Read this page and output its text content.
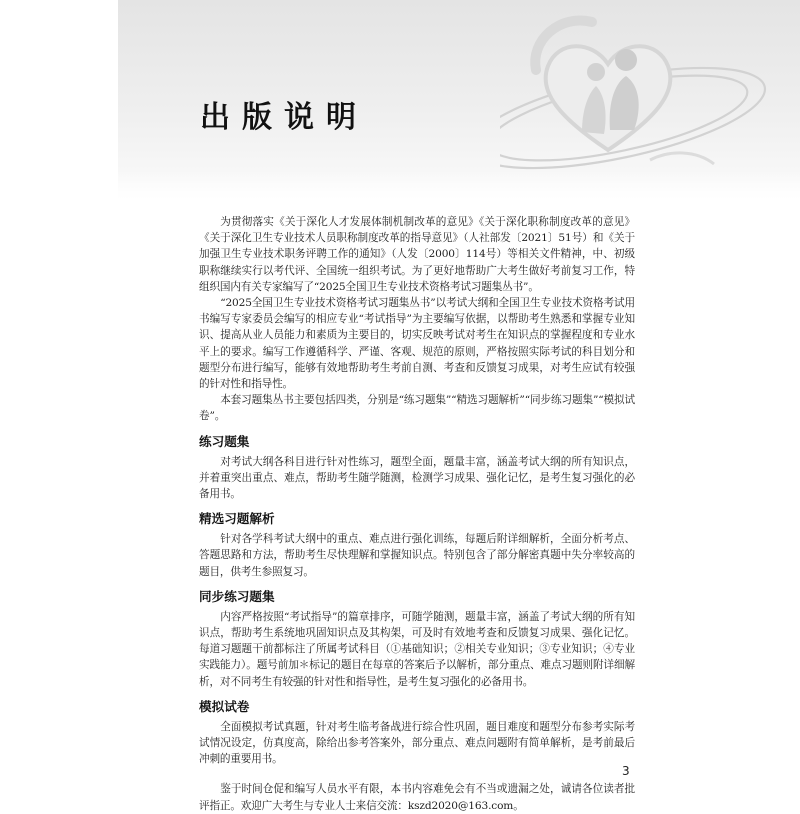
出版说明

为贯彻落实《关于深化人才发展体制机制改革的意见》《关于深化职称制度改革的意见》《关于深化卫生专业技术人员职称制度改革的指导意见》（人社部发〔2021〕51号）和《关于加强卫生专业技术职务评聘工作的通知》（人发〔2000〕114号）等相关文件精神，中、初级职称继续实行以考代评、全国统一组织考试。为了更好地帮助广大考生做好考前复习工作，特组织国内有关专家编写了“2025全国卫生专业技术资格考试习题集丛书”。

“2025全国卫生专业技术资格考试习题集丛书”以考试大纲和全国卫生专业技术资格考试用书编写专家委员会编写的相应专业“考试指导”为主要编写依据，以帮助考生熟悉和掌握专业知识、提高从业人员能力和素质为主要目的，切实反映考试对考生在知识点的掌握程度和专业水平上的要求。编写工作遵循科学、严谨、客观、规范的原则，严格按照实际考试的科目划分和题型分布进行编写，能够有效地帮助考生考前自测、考查和反馈复习成果，对考生应试有较强的针对性和指导性。

本套习题集丛书主要包括四类，分别是“练习题集”“精选习题解析”“同步练习题集”“模拟试卷”。

练习题集

对考试大纲各科目进行针对性练习，题型全面，题量丰富，涵盖考试大纲的所有知识点，并着重突出重点、难点，帮助考生随学随测，检测学习成果、强化记忆，是考生复习强化的必备用书。

精选习题解析

针对各学科考试大纲中的重点、难点进行强化训练，每题后附详细解析，全面分析考点、答题思路和方法，帮助考生尽快理解和掌握知识点。特别包含了部分解密真题中失分率较高的题目，供考生参照复习。

同步练习题集

内容严格按照“考试指导”的篇章排序，可随学随测，题量丰富，涵盖了考试大纲的所有知识点，帮助考生系统地巩固知识点及其构架，可及时有效地考查和反馈复习成果、强化记忆。每道习题题干前都标注了所属考试科目（①基础知识；②相关专业知识；③专业知识；④专业实践能力）。题号前加＊标记的题目在每章的答案后予以解析，部分重点、难点习题则附详细解析，对不同考生有较强的针对性和指导性，是考生复习强化的必备用书。

模拟试卷

全面模拟考试真题，针对考生临考备战进行综合性巩固，题目难度和题型分布参考实际考试情况设定，仿真度高，除给出参考答案外，部分重点、难点问题附有简单解析，是考前最后冲刺的重要用书。

鉴于时间仓促和编写人员水平有限，本书内容难免会有不当或遗漏之处，诚请各位读者批评指正。欢迎广大考生与专业人士来信交流：kszd2020@163.com。

3
